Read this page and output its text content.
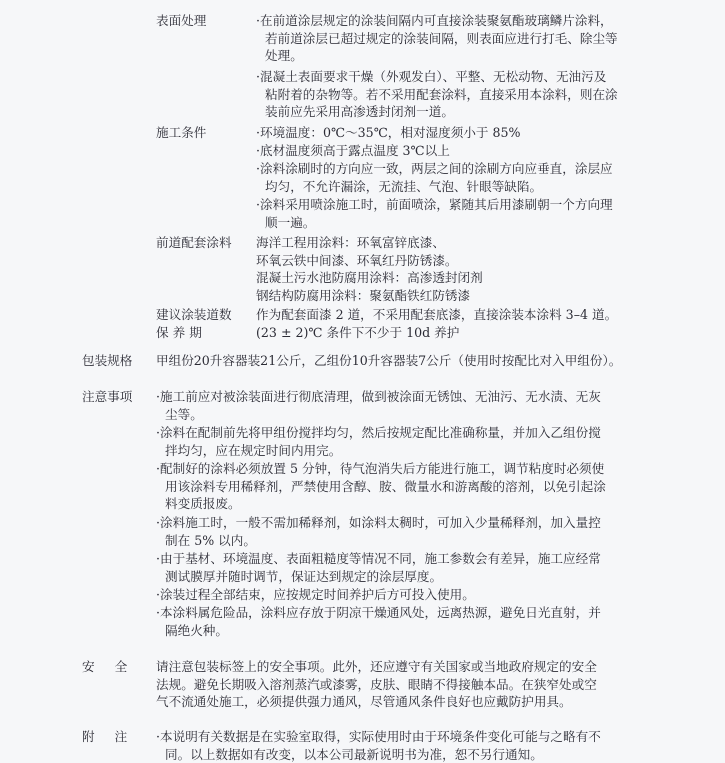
表面处理	·在前道涂层规定的涂装间隔内可直接涂装聚氨酯玻璃鳞片涂料，
若前道涂层已超过规定的涂装间隔，则表面应进行打毛、除尘等
处理。
·混凝土表面要求干燥（外观发白）、平整、无松动物、无油污及
粘附着的杂物等。若不采用配套涂料，直接采用本涂料，则在涂
装前应先采用高渗透封闭剂一道。
施工条件	·环境温度：0℃～35℃，相对湿度须小于 85%
·底材温度须高于露点温度 3℃以上
·涂料涂刷时的方向应一致，两层之间的涂刷方向应垂直，涂层应
均匀，不允许漏涂，无流挂、气泡、针眼等缺陷。
·涂料采用喷涂施工时，前面喷涂，紧随其后用漆刷朝一个方向理
顺一遍。
前道配套涂料 海洋工程用涂料：环氧富锌底漆、
环氧云铁中间漆、环氧红丹防锈漆。
混凝土污水池防腐用涂料：高渗透封闭剂
钢结构防腐用涂料：聚氨酯铁红防锈漆
建议涂装道数 作为配套面漆 2 道，不采用配套底漆，直接涂装本涂料 3–4 道。
保 养 期	(23 ± 2)℃ 条件下不少于 10d 养护
包装规格 甲组份20升容器装21公斤，乙组份10升容器装7公斤（使用时按配比对入甲组份）。
注意事项 ·施工前应对被涂装面进行彻底清理，做到被涂面无锈蚀、无油污、无水渍、无灰
尘等。
·涂料在配制前先将甲组份搅拌均匀，然后按规定配比准确称量，并加入乙组份搅
拌均匀，应在规定时间内用完。
·配制好的涂料必须放置 5 分钟，待气泡消失后方能进行施工，调节粘度时必须使
用该涂料专用稀释剂，严禁使用含醇、胺、微量水和游离酸的溶剂，以免引起涂
料变质报废。
·涂料施工时，一般不需加稀释剂，如涂料太稠时，可加入少量稀释剂，加入量控
制在 5% 以内。
·由于基材、环境温度、表面粗糙度等情况不同，施工参数会有差异，施工应经常
测试膜厚并随时调节，保证达到规定的涂层厚度。
·涂装过程全部结束，应按规定时间养护后方可投入使用。
·本涂料属危险品，涂料应存放于阴凉干燥通风处，远离热源，避免日光直射，并
隔绝火种。
安全 请注意包装标签上的安全事项。此外，还应遵守有关国家或当地政府规定的安全
法规。避免长期吸入溶剂蒸汽或漆雾，皮肤、眼睛不得接触本品。在狭窄处或空
气不流通处施工，必须提供强力通风，尽管通风条件良好也应戴防护用具。
附注 ·本说明有关数据是在实验室取得，实际使用时由于环境条件变化可能与之略有不
同。以上数据如有改变，以本公司最新说明书为准，恕不另行通知。
